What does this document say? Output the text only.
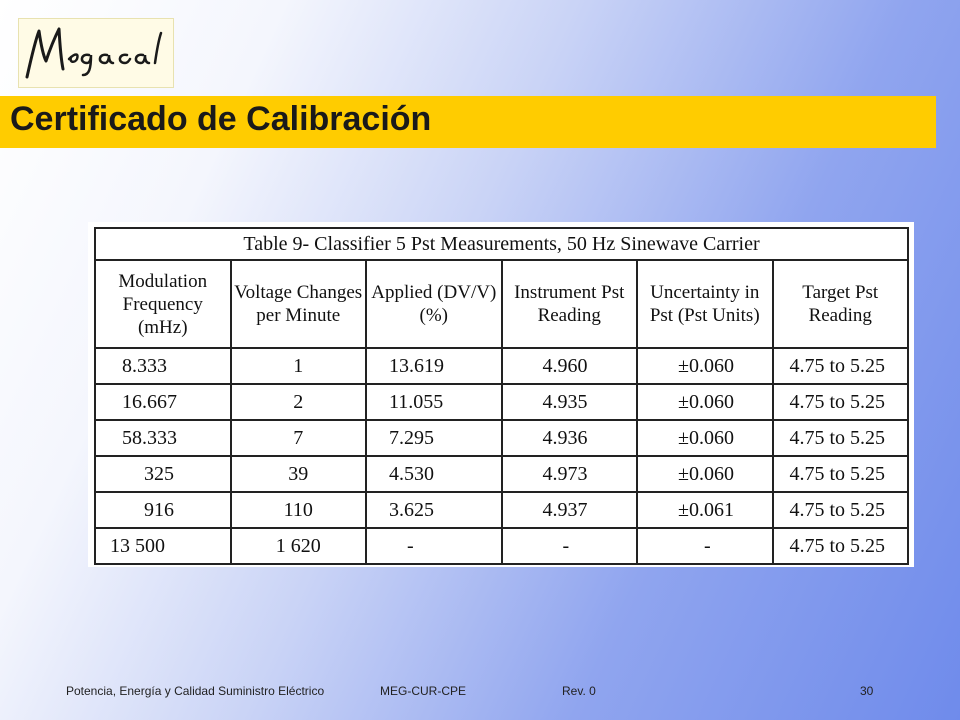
Certificado de Calibración
Table 9- Classifier 5 Pst Measurements, 50 Hz Sinewave Carrier					
Modulation Frequency (mHz)	Voltage Changes per Minute	Applied (DV/V) (%)	Instrument Pst Reading	Uncertainty in Pst (Pst Units)	Target Pst Reading
8.333	1	13.619	4.960	±0.060	4.75 to 5.25
16.667	2	11.055	4.935	±0.060	4.75 to 5.25
58.333	7	7.295	4.936	±0.060	4.75 to 5.25
325	39	4.530	4.973	±0.060	4.75 to 5.25
916	110	3.625	4.937	±0.061	4.75 to 5.25
13 500	1 620	-	-	-	4.75 to 5.25
Potencia, Energía y Calidad Suministro Eléctrico	MEG-CUR-CPE	Rev. 0	30
